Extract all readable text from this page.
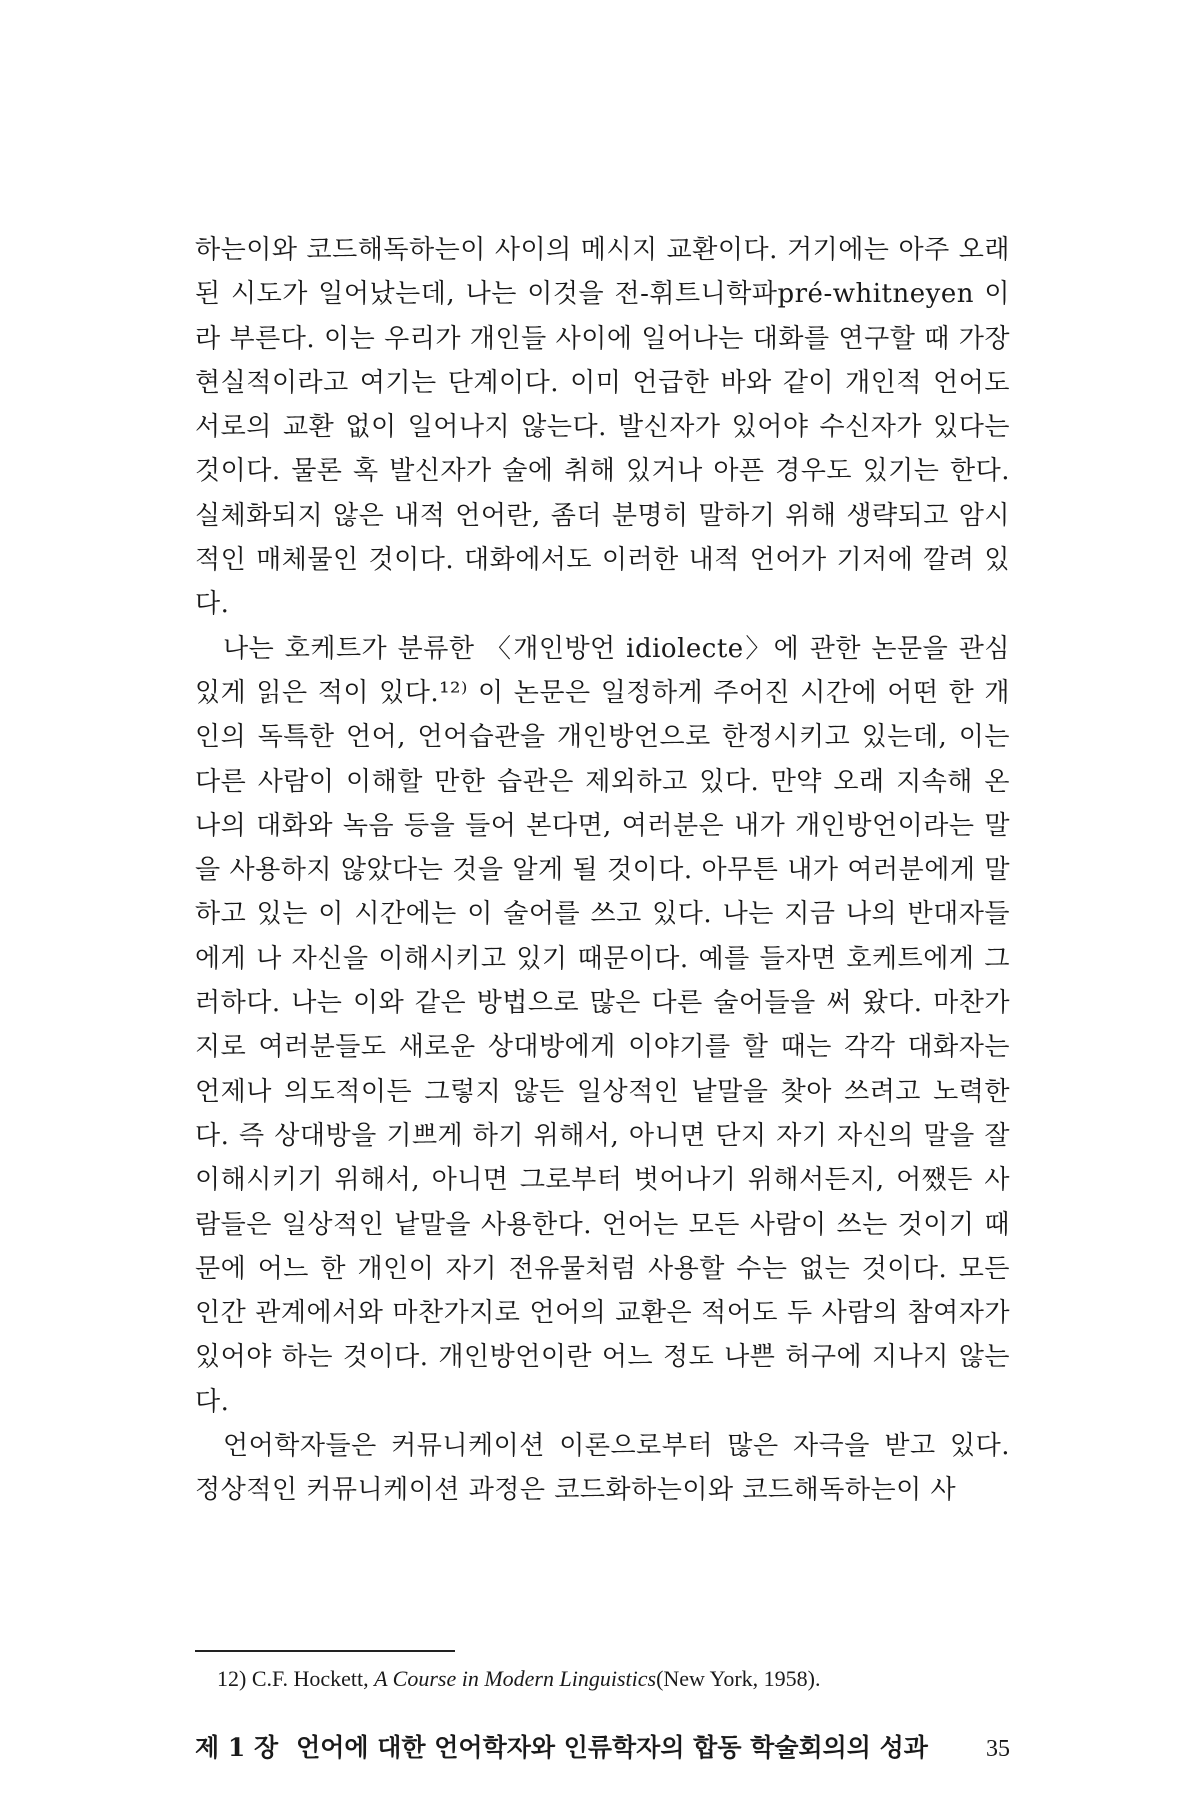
하는이와 코드해독하는이 사이의 메시지 교환이다. 거기에는 아주 오래된 시도가 일어났는데, 나는 이것을 전-휘트니학파pré-whitneyen 이라 부른다. 이는 우리가 개인들 사이에 일어나는 대화를 연구할 때 가장 현실적이라고 여기는 단계이다. 이미 언급한 바와 같이 개인적 언어도 서로의 교환 없이 일어나지 않는다. 발신자가 있어야 수신자가 있다는 것이다. 물론 혹 발신자가 술에 취해 있거나 아픈 경우도 있기는 한다. 실체화되지 않은 내적 언어란, 좀더 분명히 말하기 위해 생략되고 암시적인 매체물인 것이다. 대화에서도 이러한 내적 언어가 기저에 깔려 있다.

나는 호케트가 분류한 〈개인방언 idiolecte〉에 관한 논문을 관심있게 읽은 적이 있다.¹²⁾ 이 논문은 일정하게 주어진 시간에 어떤 한 개인의 독특한 언어, 언어습관을 개인방언으로 한정시키고 있는데, 이는 다른 사람이 이해할 만한 습관은 제외하고 있다. 만약 오래 지속해 온 나의 대화와 녹음 등을 들어 본다면, 여러분은 내가 개인방언이라는 말을 사용하지 않았다는 것을 알게 될 것이다. 아무튼 내가 여러분에게 말하고 있는 이 시간에는 이 술어를 쓰고 있다. 나는 지금 나의 반대자들에게 나 자신을 이해시키고 있기 때문이다. 예를 들자면 호케트에게 그러하다. 나는 이와 같은 방법으로 많은 다른 술어들을 써 왔다. 마찬가지로 여러분들도 새로운 상대방에게 이야기를 할 때는 각각 대화자는 언제나 의도적이든 그렇지 않든 일상적인 낱말을 찾아 쓰려고 노력한다. 즉 상대방을 기쁘게 하기 위해서, 아니면 단지 자기 자신의 말을 잘 이해시키기 위해서, 아니면 그로부터 벗어나기 위해서든지, 어쨌든 사람들은 일상적인 낱말을 사용한다. 언어는 모든 사람이 쓰는 것이기 때문에 어느 한 개인이 자기 전유물처럼 사용할 수는 없는 것이다. 모든 인간 관계에서와 마찬가지로 언어의 교환은 적어도 두 사람의 참여자가 있어야 하는 것이다. 개인방언이란 어느 정도 나쁜 허구에 지나지 않는다.

언어학자들은 커뮤니케이션 이론으로부터 많은 자극을 받고 있다. 정상적인 커뮤니케이션 과정은 코드화하는이와 코드해독하는이 사

12) C.F. Hockett, A Course in Modern Linguistics(New York, 1958).

제 1 장 언어에 대한 언어학자와 인류학자의 합동 학술회의의 성과 35
